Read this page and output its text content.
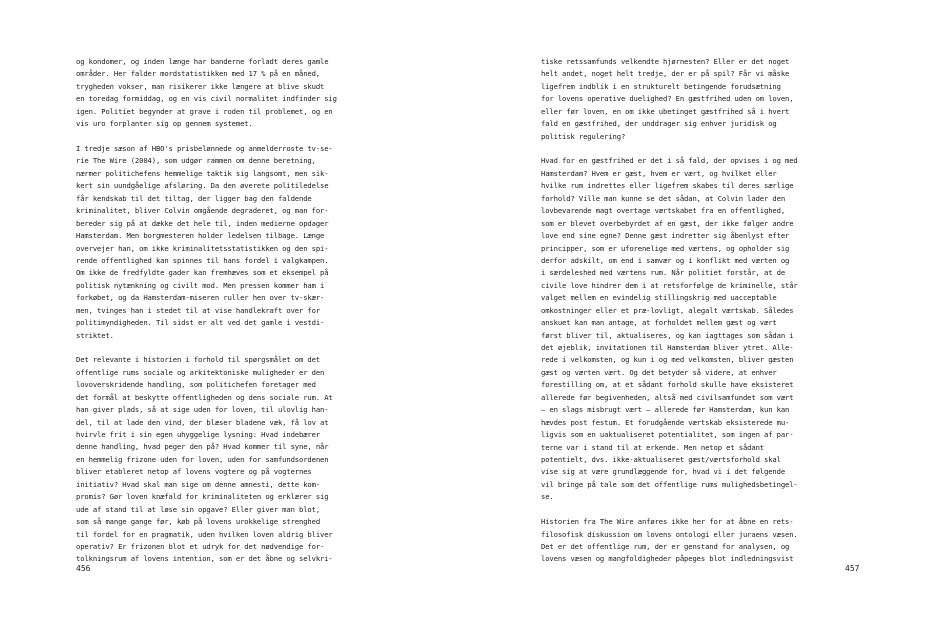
og kondomer, og inden længe har banderne forladt deres gamle
områder. Her falder mordstatistikken med 17 % på en måned,
trygheden vokser, man risikerer ikke længere at blive skudt
en toredag formiddag, og en vis civil normalitet indfinder sig
igen. Politiet begynder at grave i roden til problemet, og en
vis uro forplanter sig op gennem systemet.
I tredje sæson af HBO's prisbelønnede og anmelderroste tv-se-
rie The Wire (2004), som udgør rammen om denne beretning,
nærmer politichefens hemmelige taktik sig langsomt, men sik-
kert sin uundgåelige afsløring. Da den øverete politiledelse
får kendskab til det tiltag, der ligger bag den faldende
kriminalitet, bliver Colvin omgående degraderet, og man for-
bereder sig på at dække det hele til, inden medierne opdager
Hamsterdam. Men borgmesteren holder ledelsen tilbage. Længe
overvejer han, om ikke kriminalitetsstatistikken og den spi-
rende offentlighed kan spinnes til hans fordel i valgkampen.
Om ikke de fredfyldte gader kan fremhæves som et eksempel på
politisk nytænkning og civilt mod. Men pressen kommer ham i
forkøbet, og da Hamsterdam-miseren ruller hen over tv-skær-
men, tvinges han i stedet til at vise handlekraft over for
politimyndigheden. Til sidst er alt ved det gamle i vestdi-
striktet.
Det relevante i historien i forhold til spørgsmålet om det
offentlige rums sociale og arkitektoniske muligheder er den
lovoverskridende handling, som politichefen foretager med
det formål at beskytte offentligheden og dens sociale rum. At
han giver plads, så at sige uden for loven, til ulovlig han-
del, til at lade den vind, der blæser bladene væk, få lov at
hvirvle frit i sin egen uhyggelige lysning: Hvad indebærer
denne handling, hvad peger den på? Hvad kommer til syne, når
en hemmelig frizone uden for loven, uden for samfundsordenen
bliver etableret netop af lovens vogtere og på vogternes
initiativ? Hvad skal man sige om denne amnesti, dette kom-
promis? Gør loven knæfald for kriminaliteten og erklærer sig
ude af stand til at løse sin opgave? Eller giver man blot,
som så mange gange før, køb på lovens urokkelige strenghed
til fordel for en pragmatik, uden hvilken loven aldrig bliver
operativ? Er frizonen blot et udryk for det nødvendige for-
tolkningsrum af lovens intention, som er det åbne og selvkri-
tiske retssamfunds velkendte hjørnesten? Eller er det noget
helt andet, noget helt tredje, der er på spil? Får vi måske
ligefrem indblik i en strukturelt betingende forudsætning
for lovens operative duelighed? En gæstfrihed uden om loven,
eller før loven, en om ikke ubetinget gæstfrihed så i hvert
fald en gæstfrihed, der unddrager sig enhver juridisk og
politisk regulering?
Hvad for en gæstfrihed er det i så fald, der opvises i og med
Hamsterdam? Hvem er gæst, hvem er vært, og hvilket eller
hvilke rum indrettes eller ligefrem skabes til deres særlige
forhold? Ville man kunne se det sådan, at Colvin lader den
lovbevarende magt overtage værtskabet fra en offentlighed,
som er blevet overbebyrdet af en gæst, der ikke følger andre
love end sine egne? Denne gæst indretter sig åbenlyst efter
principper, som er uforenelige med værtens, og opholder sig
derfor adskilt, om end i samvær og i konflikt med værten og
i særdeleshed med værtens rum. Når politiet forstår, at de
civile love hindrer dem i at retsforfølge de kriminelle, står
valget mellem en evindelig stillingskrig med uacceptable
omkostninger eller et præ-lovligt, alegalt værtskab. Således
anskuet kan man antage, at forholdet mellem gæst og vært
først bliver til, aktualiseres, og kan iagttages som sådan i
det øjeblik, invitationen til Hamsterdam bliver ytret. Alle-
rede i velkomsten, og kun i og med velkomsten, bliver gæsten
gæst og værten vært. Og det betyder så videre, at enhver
forestilling om, at et sådant forhold skulle have eksisteret
allerede før begivenheden, altså med civilsamfundet som vært
— en slags misbrugt vært — allerede før Hamsterdam, kun kan
hævdes post festum. Et forudgående værtskab eksisterede mu-
ligvis som en uaktualiseret potentialitet, som ingen af par-
terne var i stand til at erkende. Men netop et sådant
potentielt, dvs. ikke-aktualiseret gæst/værtsforhold skal
vise sig at være grundlæggende for, hvad vi i det følgende
vil bringe på tale som det offentlige rums mulighedsbetingel-
se.
Historien fra The Wire anføres ikke her for at åbne en rets-
filosofisk diskussion om lovens ontologi eller juraens væsen.
Det er det offentlige rum, der er genstand for analysen, og
lovens væsen og mangfoldigheder påpeges blot indledningsvist
456	457
